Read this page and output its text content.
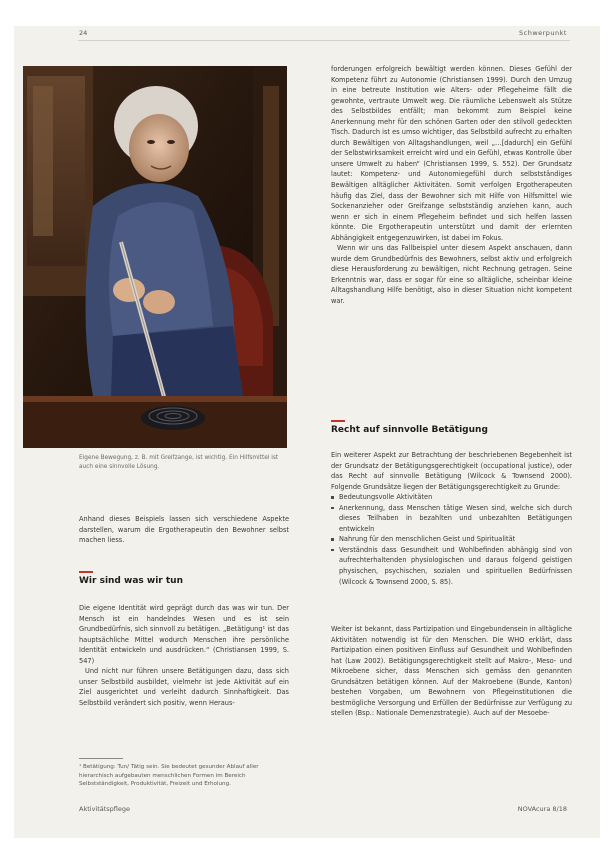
24	Schwerpunkt
Eigene Bewegung, z. B. mit Greifzange, ist wichtig. Ein Hilfsmittel ist auch eine sinnvolle Lösung.

Anhand dieses Beispiels lassen sich verschiedene Aspekte darstellen, warum die Ergotherapeutin den Bewohner selbst machen liess.

Wir sind was wir tun

Die eigene Identität wird geprägt durch das was wir tun. Der Mensch ist ein handelndes Wesen und es ist sein Grundbedürfnis, sich sinnvoll zu betätigen. „Betätigung¹ ist das hauptsächliche Mittel wodurch Menschen ihre persönliche Identität entwickeln und ausdrücken.“ (Christiansen 1999, S. 547)

Und nicht nur führen unsere Betätigungen dazu, dass sich unser Selbstbild ausbildet, vielmehr ist jede Aktivität auf ein Ziel ausgerichtet und verleiht dadurch Sinnhaftigkeit. Das Selbstbild verändert sich positiv, wenn Heraus-

¹ Betätigung: Tun/ Tätig sein. Sie bedeutet gesunder Ablauf aller hierarchisch aufgebauten menschlichen Formen im Bereich Selbstständigkeit, Produktivität, Freizeit und Erholung.

forderungen erfolgreich bewältigt werden können. Dieses Gefühl der Kompetenz führt zu Autonomie (Christiansen 1999). Durch den Umzug in eine betreute Institution wie Alters- oder Pflegeheime fällt die gewohnte, vertraute Umwelt weg. Die räumliche Lebenswelt als Stütze des Selbstbildes entfällt; man bekommt zum Beispiel keine Anerkennung mehr für den schönen Garten oder den stilvoll gedeckten Tisch. Dadurch ist es umso wichtiger, das Selbstbild aufrecht zu erhalten durch Bewältigen von Alltagshandlungen, weil „…[dadurch] ein Gefühl der Selbstwirksamkeit erreicht wird und ein Gefühl, etwas Kontrolle über unsere Umwelt zu haben“ (Christiansen 1999, S. 552). Der Grundsatz lautet: Kompetenz- und Autonomiegefühl durch selbstständiges Bewältigen alltäglicher Aktivitäten. Somit verfolgen Ergotherapeuten häufig das Ziel, dass der Bewohner sich mit Hilfe von Hilfsmittel wie Sockenanzieher oder Greifzange selbstständig anziehen kann, auch wenn er sich in einem Pflegeheim befindet und sich helfen lassen könnte. Die Ergotherapeutin unterstützt und damit der erlernten Abhängigkeit entgegenzuwirken, ist dabei im Fokus.

Wenn wir uns das Fallbeispiel unter diesem Aspekt anschauen, dann wurde dem Grundbedürfnis des Bewohners, selbst aktiv und erfolgreich diese Herausforderung zu bewältigen, nicht Rechnung getragen. Seine Erkenntnis war, dass er sogar für eine so alltägliche, scheinbar kleine Alltagshandlung Hilfe benötigt, also in dieser Situation nicht kompetent war.

Recht auf sinnvolle Betätigung

Ein weiterer Aspekt zur Betrachtung der beschriebenen Begebenheit ist der Grundsatz der Betätigungsgerechtigkeit (occupational justice), oder das Recht auf sinnvolle Betätigung (Wilcock & Townsend 2000). Folgende Grundsätze liegen der Betätigungsgerechtigkeit zu Grunde:

Bedeutungsvolle Aktivitäten
Anerkennung, dass Menschen tätige Wesen sind, welche sich durch dieses Teilhaben in bezahlten und unbezahlten Betätigungen entwickeln
Nahrung für den menschlichen Geist und Spiritualität
Verständnis dass Gesundheit und Wohlbefinden abhängig sind von aufrechterhaltenden physiologischen und daraus folgend geistigen physischen, psychischen, sozialen und spirituellen Bedürfnissen (Wilcock & Townsend 2000, S. 85).

Weiter ist bekannt, dass Partizipation und Eingebundensein in alltägliche Aktivitäten notwendig ist für den Menschen. Die WHO erklärt, dass Partizipation einen positiven Einfluss auf Gesundheit und Wohlbefinden hat (Law 2002). Betätigungsgerechtigkeit stellt auf Makro-, Meso- und Mikroebene sicher, dass Menschen sich gemäss den genannten Grundsätzen betätigen können. Auf der Makroebene (Bunde, Kanton) bestehen Vorgaben, um Bewohnern von Pflegeinstitutionen die bestmögliche Versorgung und Erfüllen der Bedürfnisse zur Verfügung zu stellen (Bsp.: Nationale Demenzstrategie). Auch auf der Mesoebe-

Aktivitätspflege	NOVAcura 8/18
